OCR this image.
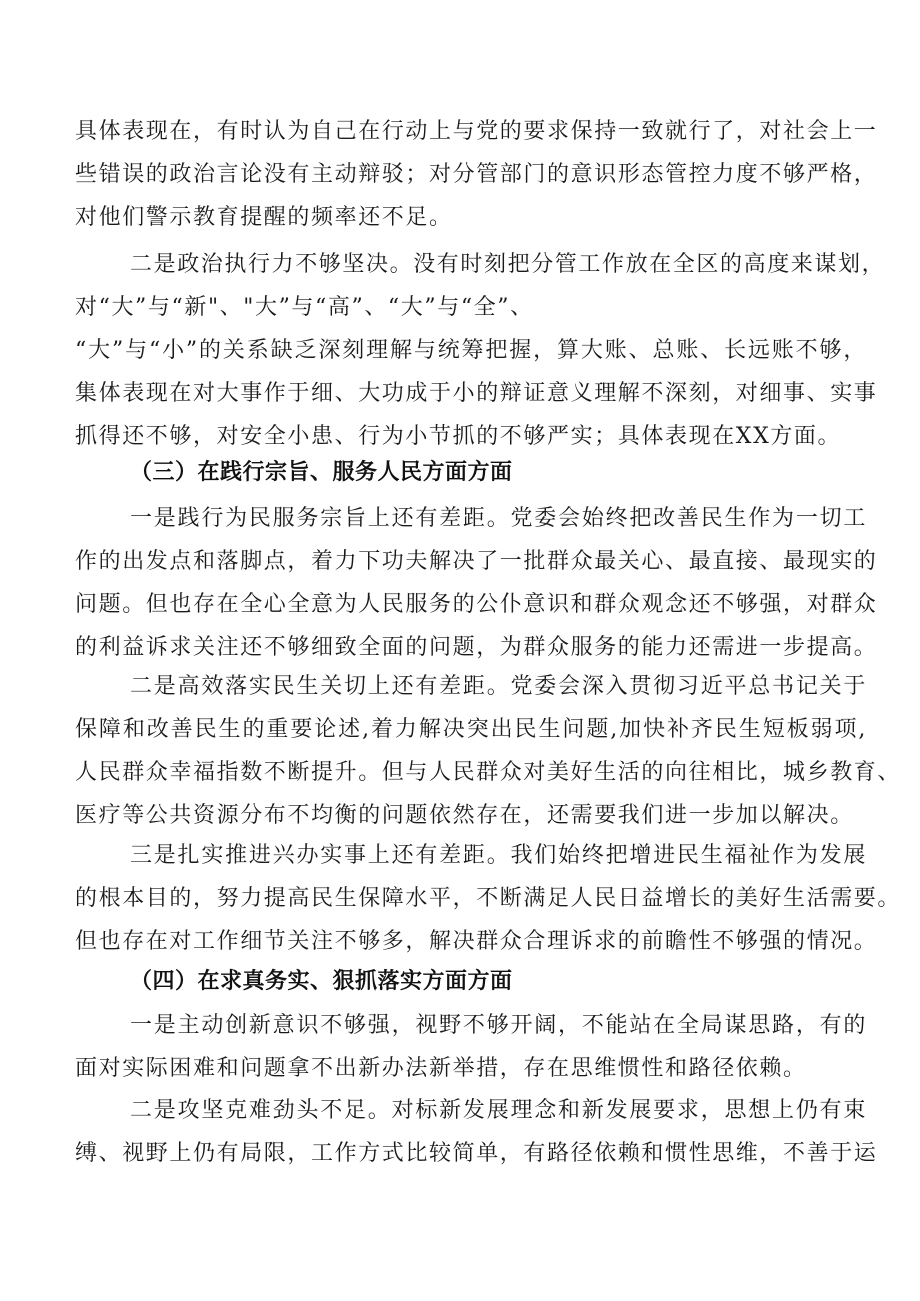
具体表现在，有时认为自己在行动上与党的要求保持一致就行了，对社会上一
些错误的政治言论没有主动辩驳；对分管部门的意识形态管控力度不够严格，
对他们警示教育提醒的频率还不足。
二是政治执行力不够坚决。没有时刻把分管工作放在全区的高度来谋划，
对“大”与“新"、"大”与“高”、“大”与“全”、
“大”与“小”的关系缺乏深刻理解与统筹把握，算大账、总账、长远账不够，
集体表现在对大事作于细、大功成于小的辩证意义理解不深刻，对细事、实事
抓得还不够，对安全小患、行为小节抓的不够严实；具体表现在XX方面。
（三）在践行宗旨、服务人民方面方面
一是践行为民服务宗旨上还有差距。党委会始终把改善民生作为一切工
作的出发点和落脚点，着力下功夫解决了一批群众最关心、最直接、最现实的
问题。但也存在全心全意为人民服务的公仆意识和群众观念还不够强，对群众
的利益诉求关注还不够细致全面的问题，为群众服务的能力还需进一步提高。
二是高效落实民生关切上还有差距。党委会深入贯彻习近平总书记关于
保障和改善民生的重要论述,着力解决突出民生问题,加快补齐民生短板弱项,
人民群众幸福指数不断提升。但与人民群众对美好生活的向往相比，城乡教育、
医疗等公共资源分布不均衡的问题依然存在，还需要我们进一步加以解决。
三是扎实推进兴办实事上还有差距。我们始终把增进民生福祉作为发展
的根本目的，努力提高民生保障水平，不断满足人民日益增长的美好生活需要。
但也存在对工作细节关注不够多，解决群众合理诉求的前瞻性不够强的情况。
（四）在求真务实、狠抓落实方面方面
一是主动创新意识不够强，视野不够开阔，不能站在全局谋思路，有的
面对实际困难和问题拿不出新办法新举措，存在思维惯性和路径依赖。
二是攻坚克难劲头不足。对标新发展理念和新发展要求，思想上仍有束
缚、视野上仍有局限，工作方式比较简单，有路径依赖和惯性思维，不善于运
